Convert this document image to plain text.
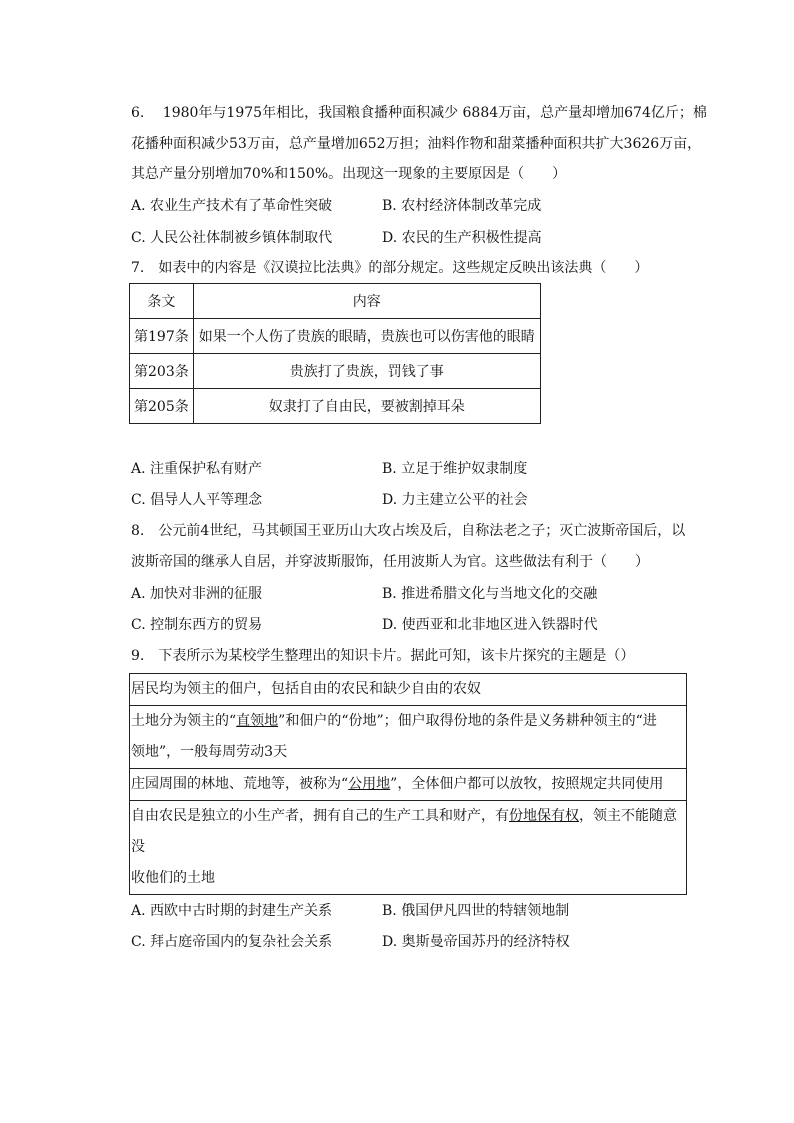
6.　 1980年与1975年相比，我国粮食播种面积减少 6884万亩，总产量却增加674亿斤；棉
花播种面积减少53万亩，总产量增加652万担；油料作物和甜菜播种面积共扩大3626万亩，
其总产量分别增加70%和150%。出现这一现象的主要原因是（　　）
A. 农业生产技术有了革命性突破	B. 农村经济体制改革完成
C. 人民公社体制被乡镇体制取代	D. 农民的生产积极性提高
7.　如表中的内容是《汉谟拉比法典》的部分规定。这些规定反映出该法典（　　）
条文	内容
第197条	如果一个人伤了贵族的眼睛，贵族也可以伤害他的眼睛
第203条	贵族打了贵族，罚钱了事
第205条	奴隶打了自由民，要被割掉耳朵
A. 注重保护私有财产	B. 立足于维护奴隶制度
C. 倡导人人平等理念	D. 力主建立公平的社会
8.　公元前4世纪，马其顿国王亚历山大攻占埃及后，自称法老之子；灭亡波斯帝国后，以
波斯帝国的继承人自居，并穿波斯服饰，任用波斯人为官。这些做法有利于（　　）
A. 加快对非洲的征服	B. 推进希腊文化与当地文化的交融
C. 控制东西方的贸易	D. 使西亚和北非地区进入铁器时代
9.　下表所示为某校学生整理出的知识卡片。据此可知，该卡片探究的主题是（）
居民均为领主的佃户，包括自由的农民和缺少自由的农奴
土地分为领主的“直领地”和佃户的“份地”；佃户取得份地的条件是义务耕种领主的“进
领地”，一般每周劳动3天
庄园周围的林地、荒地等，被称为“公用地”，全体佃户都可以放牧，按照规定共同使用
自由农民是独立的小生产者，拥有自己的生产工具和财产，有份地保有权，领主不能随意没
收他们的土地
A. 西欧中古时期的封建生产关系	B. 俄国伊凡四世的特辖领地制
C. 拜占庭帝国内的复杂社会关系	D. 奥斯曼帝国苏丹的经济特权
